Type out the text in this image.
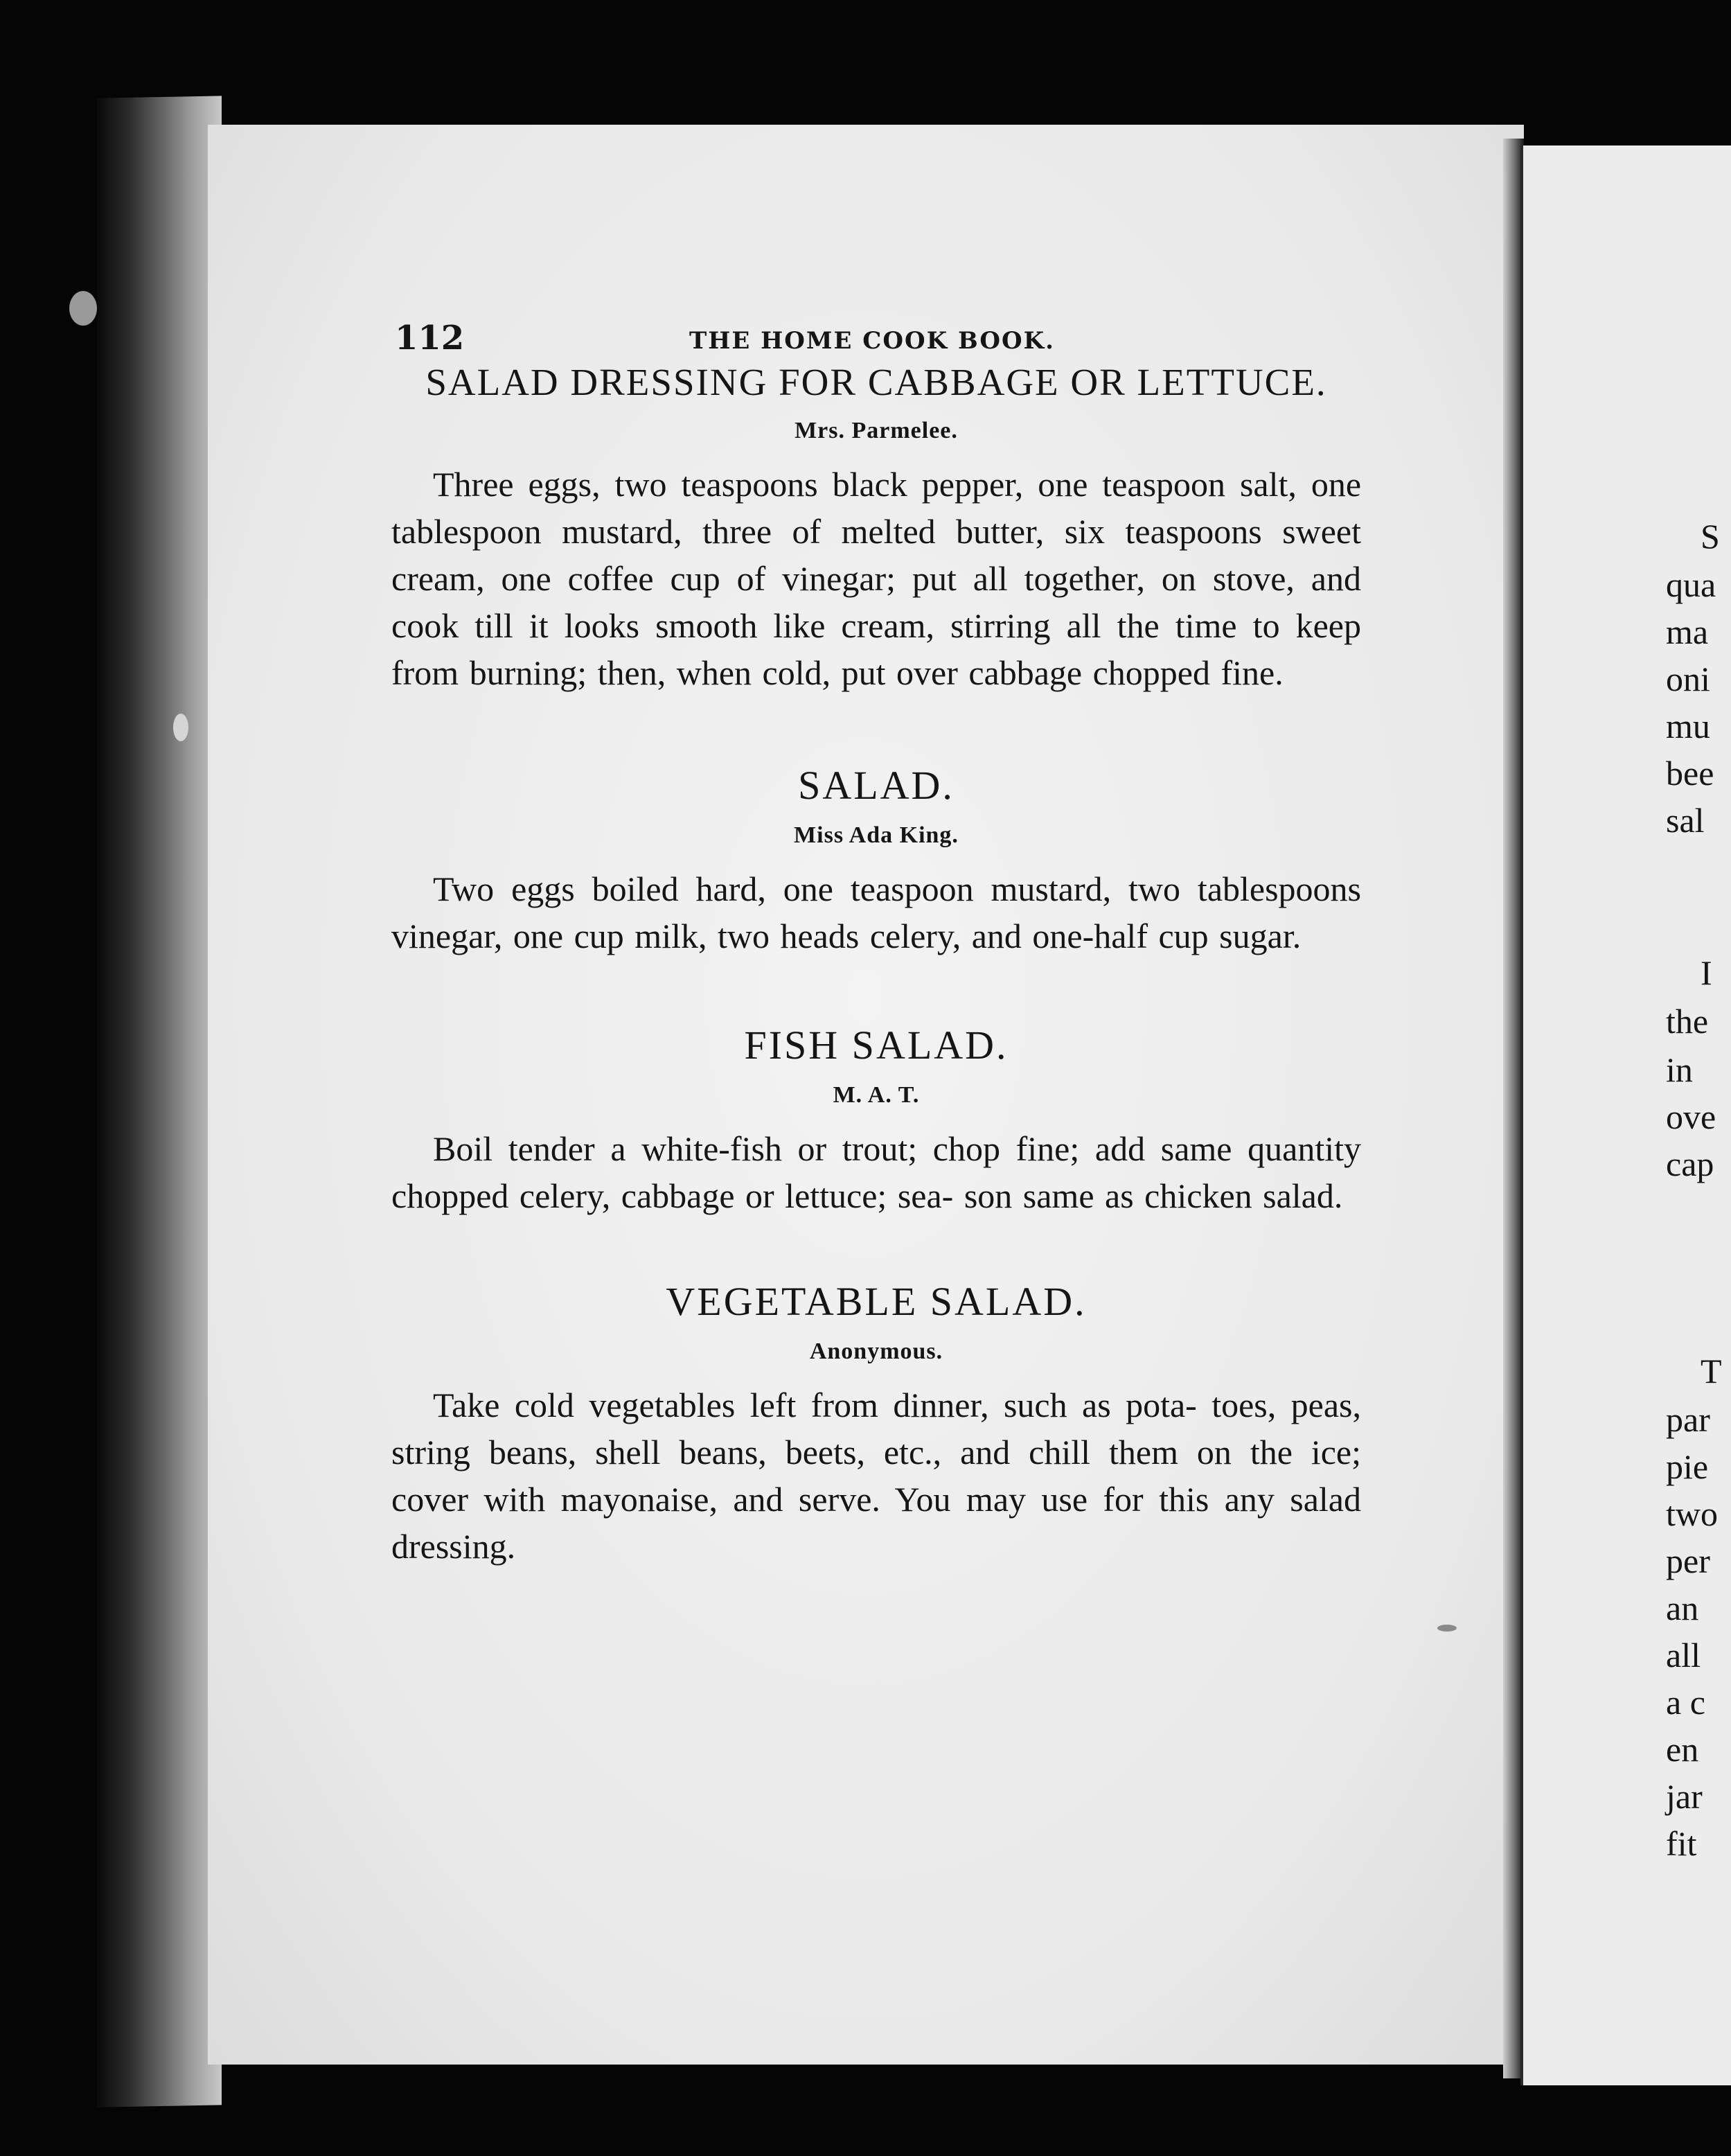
112	THE HOME COOK BOOK.
SALAD DRESSING FOR CABBAGE OR LETTUCE.

Mrs. Parmelee.

Three eggs, two teaspoons black pepper, one teaspoon salt, one tablespoon mustard, three of melted butter, six teaspoons sweet cream, one coffee cup of vinegar; put all together, on stove, and cook till it looks smooth like cream, stirring all the time to keep from burning; then, when cold, put over cabbage chopped fine.

SALAD.

Miss Ada King.

Two eggs boiled hard, one teaspoon mustard, two tablespoons vinegar, one cup milk, two heads celery, and one-half cup sugar.

FISH SALAD.

M. A. T.

Boil tender a white-fish or trout; chop fine; add same quantity chopped celery, cabbage or lettuce; sea- son same as chicken salad.

VEGETABLE SALAD.

Anonymous.

Take cold vegetables left from dinner, such as pota- toes, peas, string beans, shell beans, beets, etc., and chill them on the ice; cover with mayonaise, and serve. You may use for this any salad dressing.

S
qua
ma
oni
mu
bee
sal
I
the
in
ove
cap
T
par
pie
two
per
an
all
a c
en
jar
fit
